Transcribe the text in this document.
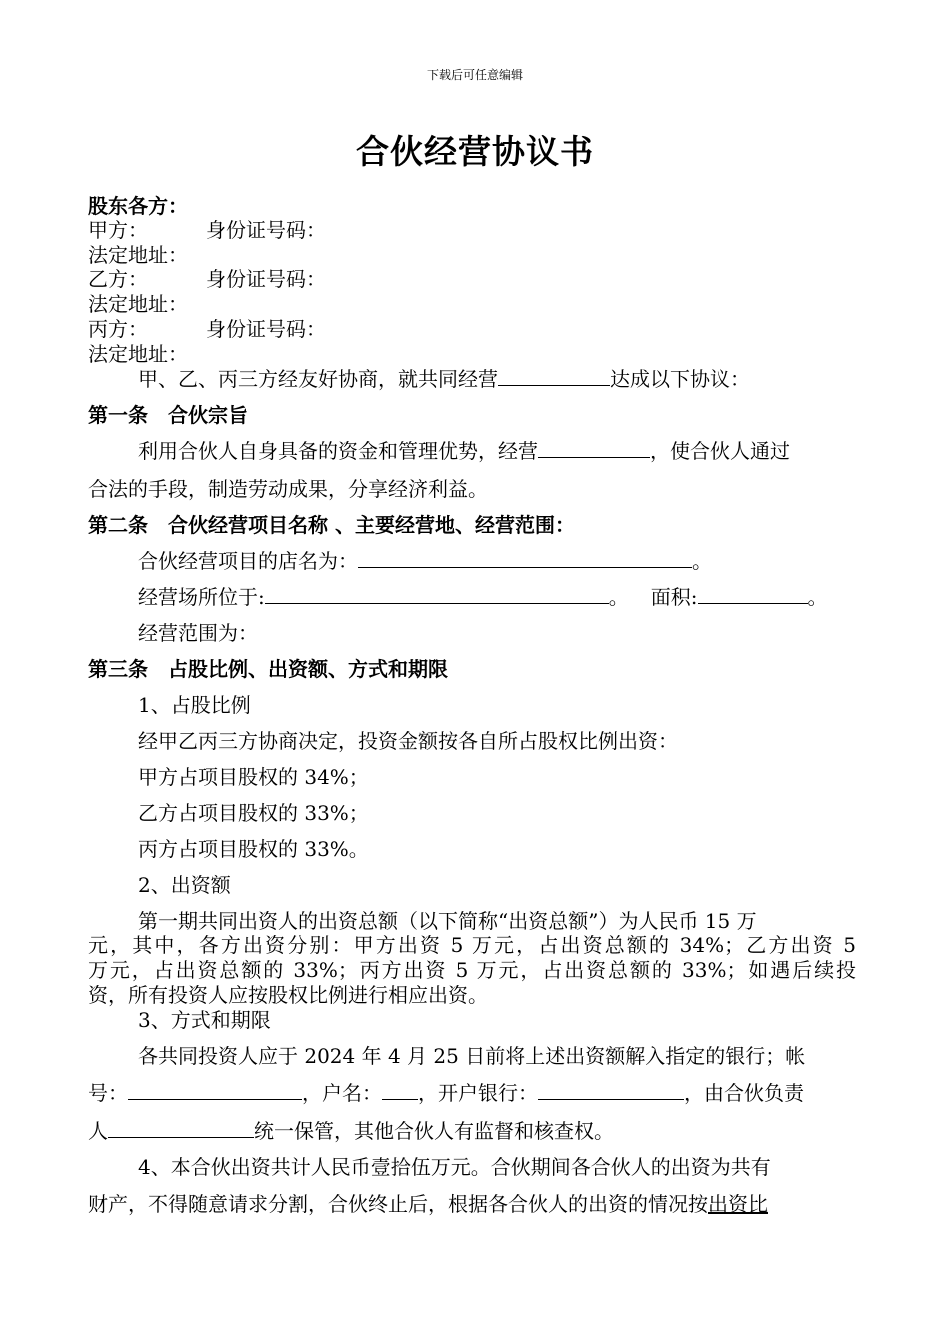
下载后可任意编辑
合伙经营协议书
股东各方：
甲方：	身份证号码：
法定地址：
乙方：	身份证号码：
法定地址：
丙方：	身份证号码：
法定地址：
甲、乙、丙三方经友好协商，就共同经营	达成以下协议：
第一条　合伙宗旨
利用合伙人自身具备的资金和管理优势，经营	，使合伙人通过
合法的手段，制造劳动成果，分享经济利益。
第二条　合伙经营项目名称 、主要经营地、经营范围：
合伙经营项目的店名为：	。
经营场所位于:	。 面积:	。
经营范围为：
第三条　占股比例、出资额、方式和期限
1、占股比例
经甲乙丙三方协商决定，投资金额按各自所占股权比例出资：
甲方占项目股权的 34%；
乙方占项目股权的 33%；
丙方占项目股权的 33%。
2、出资额
第一期共同出资人的出资总额（以下简称“出资总额”）为人民币 15 万
元，其中，各方出资分别：甲方出资 5 万元，占出资总额的 34%；乙方出资 5
万元，占出资总额的 33%；丙方出资 5 万元，占出资总额的 33%；如遇后续投
资，所有投资人应按股权比例进行相应出资。
3、方式和期限
各共同投资人应于 2024 年 4 月 25 日前将上述出资额解入指定的银行；帐
号：	，户名： ，开户银行：	，由合伙负责
人	统一保管，其他合伙人有监督和核查权。
4、本合伙出资共计人民币壹拾伍万元。合伙期间各合伙人的出资为共有
财产，不得随意请求分割，合伙终止后，根据各合伙人的出资的情况按出资比
